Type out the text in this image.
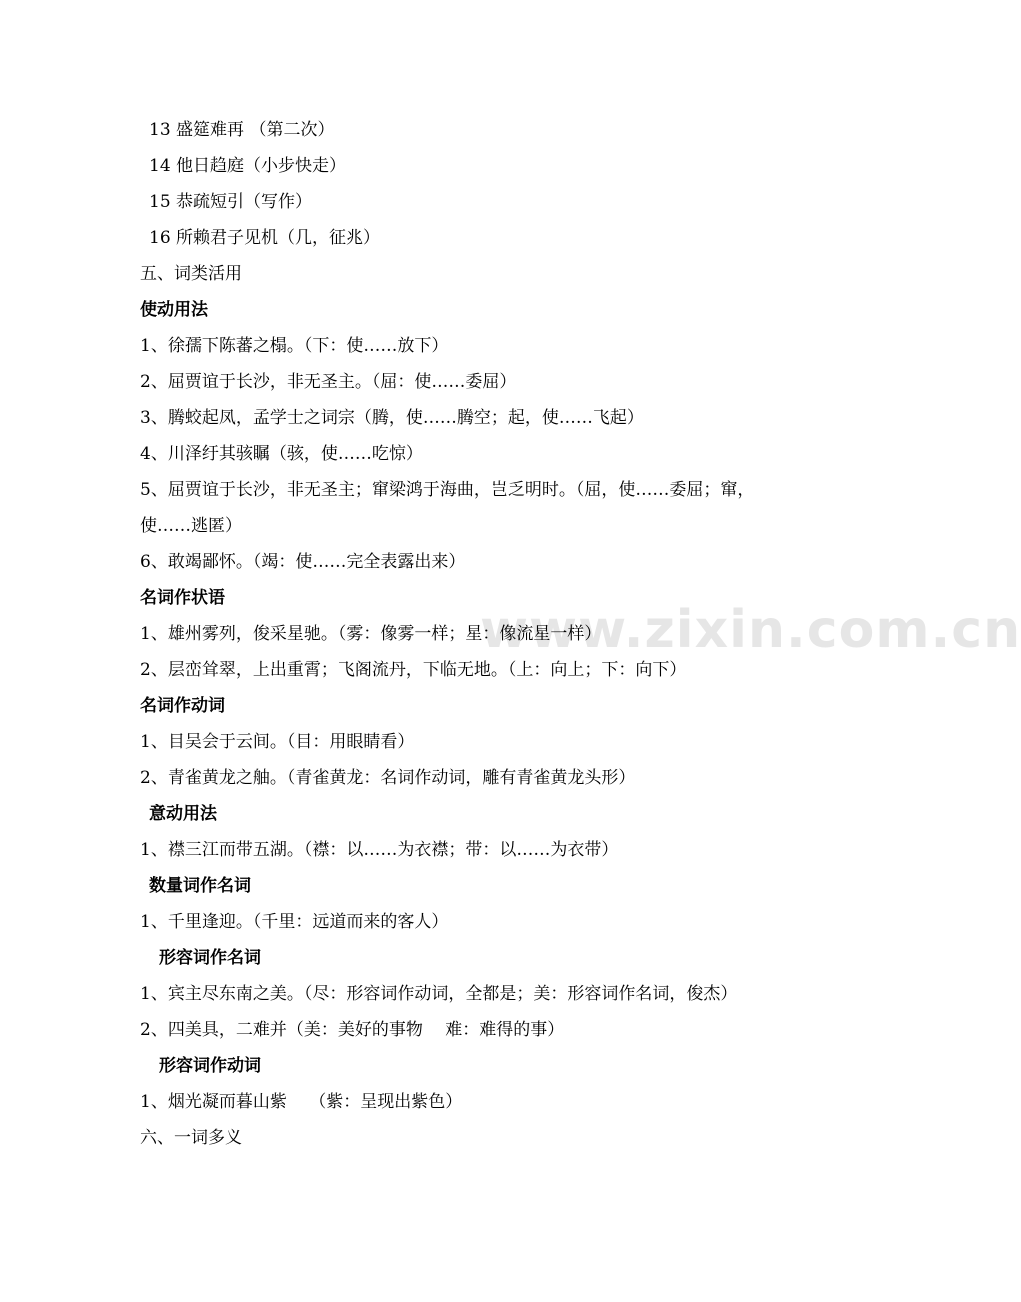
www.zixin.com.cn
13 盛筵难再 （第二次）
14 他日趋庭（小步快走）
15 恭疏短引（写作）
16 所赖君子见机（几，征兆）
五、词类活用
使动用法
1、徐孺下陈蕃之榻。（下：使……放下）
2、屈贾谊于长沙，非无圣主。（屈：使……委屈）
3、腾蛟起凤，孟学士之词宗（腾，使……腾空；起，使……飞起）
4、川泽纡其骇瞩（骇，使……吃惊）
5、屈贾谊于长沙，非无圣主；窜梁鸿于海曲，岂乏明时。（屈，使……委屈；窜，
使……逃匿）
6、敢竭鄙怀。（竭：使……完全表露出来）
名词作状语
1、雄州雾列，俊采星驰。（雾：像雾一样；星：像流星一样）
2、层峦耸翠，上出重霄；飞阁流丹，下临无地。（上：向上；下：向下）
名词作动词
1、目吴会于云间。（目：用眼睛看）
2、青雀黄龙之舳。（青雀黄龙：名词作动词，雕有青雀黄龙头形）
意动用法
1、襟三江而带五湖。（襟：以……为衣襟；带：以……为衣带）
数量词作名词
1、千里逢迎。（千里：远道而来的客人）
形容词作名词
1、宾主尽东南之美。（尽：形容词作动词，全都是；美：形容词作名词，俊杰）
2、四美具，二难并（美：美好的事物　 难：难得的事）
形容词作动词
1、烟光凝而暮山紫　 （紫：呈现出紫色）
六、一词多义
